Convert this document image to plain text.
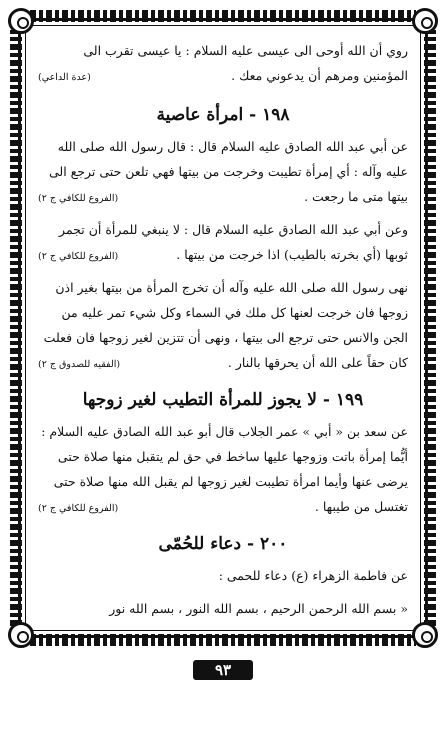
روي أن الله أوحى الى عيسى عليه السلام : يا عيسى تقرب الى المؤمنين ومرهم أن يدعوني معك .
(عدة الداعي)

١٩٨ - امرأة عاصية

عن أبي عبد الله الصادق عليه السلام قال : قال رسول الله صلى الله عليه وآله : أي إمرأة تطيبت وخرجت من بيتها فهي تلعن حتى ترجع الى بيتها متى ما رجعت .
(الفروع للكافي ج ٢)

وعن أبي عبد الله الصادق عليه السلام قال : لا ينبغي للمرأة أن تجمر ثوبها (أي بخرته بالطيب) اذا خرجت من بيتها .
(الفروع للكافي ج ٢)

نهى رسول الله صلى الله عليه وآله أن تخرج المرأة من بيتها بغير اذن زوجها فان خرجت لعنها كل ملك في السماء وكل شيء تمر عليه من الجن والانس حتى ترجع الى بيتها ، ونهى أن تتزين لغير زوجها فان فعلت كان حقاً على الله أن يحرقها بالنار .
(الفقيه للصدوق ج ٢)

١٩٩ - لا يجوز للمرأة التطيب لغير زوجها

عن سعد بن « أبي » عمر الجلاب قال أبو عبد الله الصادق عليه السلام : أيُّما إمرأة باتت وزوجها عليها ساخط في حق لم يتقبل منها صلاة حتى يرضى عنها وأيما امرأة تطيبت لغير زوجها لم يقبل الله منها صلاة حتى تغتسل من طيبها .
(الفروع للكافي ج ٢)

٢٠٠ - دعاء للحُمّى

عن فاطمة الزهراء (ع) دعاء للحمى :

« بسم الله الرحمن الرحيم ، بسم الله النور ، بسم الله نور

٩٣
